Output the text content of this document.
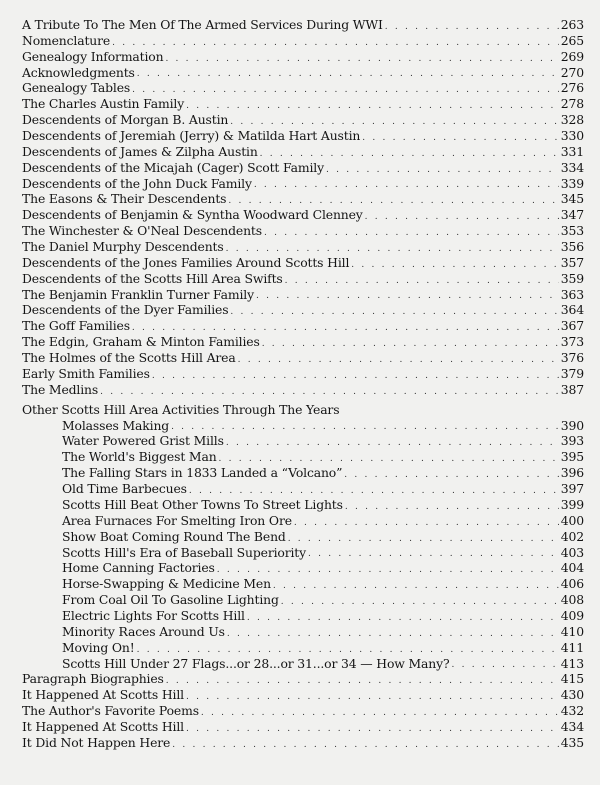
A Tribute To The Men Of The Armed Services During WWI . . .	263
Nomenclature . . .	265
Genealogy Information . . .	269
Acknowledgments . . .	270
Genealogy Tables . . .	276
The Charles Austin Family . . .	278
Descendents of Morgan B. Austin . . .	328
Descendents of Jeremiah (Jerry) & Matilda Hart Austin . . .	330
Descendents of James & Zilpha Austin . . .	331
Descendents of the Micajah (Cager) Scott Family . . .	334
Descendents of the John Duck Family . . .	339
The Easons & Their Descendents . . .	345
Descendents of Benjamin & Syntha Woodward Clenney . . .	347
The Winchester & O'Neal Descendents . . .	353
The Daniel Murphy Descendents . . .	356
Descendents of the Jones Families Around Scotts Hill . . .	357
Descendents of the Scotts Hill Area Swifts . . .	359
The Benjamin Franklin Turner Family . . .	363
Descendents of the Dyer Families . . .	364
The Goff Families . . .	367
The Edgin, Graham & Minton Families . . .	373
The Holmes of the Scotts Hill Area . . .	376
Early Smith Families . . .	379
The Medlins . . .	387
Other Scotts Hill Area Activities Through The Years
Molasses Making . . .	390
Water Powered Grist Mills . . .	393
The World's Biggest Man . . .	395
The Falling Stars in 1833 Landed a “Volcano” . . .	396
Old Time Barbecues . . .	397
Scotts Hill Beat Other Towns To Street Lights . . .	399
Area Furnaces For Smelting Iron Ore . . .	400
Show Boat Coming Round The Bend . . .	402
Scotts Hill's Era of Baseball Superiority . . .	403
Home Canning Factories . . .	404
Horse-Swapping & Medicine Men . . .	406
From Coal Oil To Gasoline Lighting . . .	408
Electric Lights For Scotts Hill . . .	409
Minority Races Around Us . . .	410
Moving On! . . .	411
Scotts Hill Under 27 Flags...or 28...or 31...or 34 — How Many? . . .	413
Paragraph Biographies . . .	415
It Happened At Scotts Hill . . .	430
The Author's Favorite Poems . . .	432
It Happened At Scotts Hill . . .	434
It Did Not Happen Here . . .	435
